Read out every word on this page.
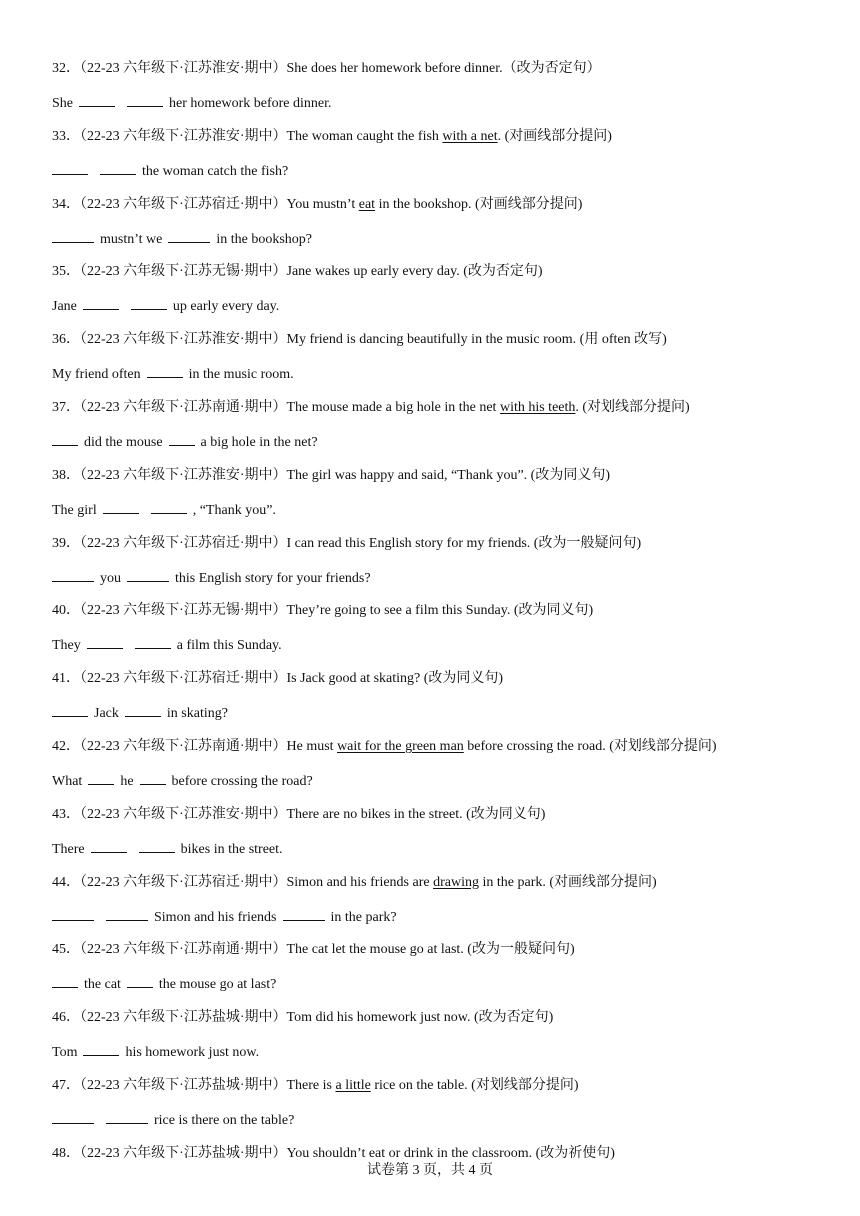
32．（22-23 六年级下·江苏淮安·期中）She does her homework before dinner.（改为否定句）
She	her homework before dinner.
33．（22-23 六年级下·江苏淮安·期中）The woman caught the fish with a net. (对画线部分提问)
the woman catch the fish?
34．（22-23 六年级下·江苏宿迁·期中）You mustn’t eat in the bookshop. (对画线部分提问)
mustn’t we	in the bookshop?
35．（22-23 六年级下·江苏无锡·期中）Jane wakes up early every day. (改为否定句)
Jane	up early every day.
36．（22-23 六年级下·江苏淮安·期中）My friend is dancing beautifully in the music room. (用 often 改写)
My friend often	in the music room.
37．（22-23 六年级下·江苏南通·期中）The mouse made a big hole in the net with his teeth. (对划线部分提问)
did the mouse	a big hole in the net?
38．（22-23 六年级下·江苏淮安·期中）The girl was happy and said, “Thank you”. (改为同义句)
The girl	, “Thank you”.
39．（22-23 六年级下·江苏宿迁·期中）I can read this English story for my friends. (改为一般疑问句)
you	this English story for your friends?
40．（22-23 六年级下·江苏无锡·期中）They’re going to see a film this Sunday. (改为同义句)
They	a film this Sunday.
41．（22-23 六年级下·江苏宿迁·期中）Is Jack good at skating? (改为同义句)
Jack	in skating?
42．（22-23 六年级下·江苏南通·期中）He must wait for the green man before crossing the road. (对划线部分提问)
What	he	before crossing the road?
43．（22-23 六年级下·江苏淮安·期中）There are no bikes in the street. (改为同义句)
There	bikes in the street.
44．（22-23 六年级下·江苏宿迁·期中）Simon and his friends are drawing in the park. (对画线部分提问)
Simon and his friends	in the park?
45．（22-23 六年级下·江苏南通·期中）The cat let the mouse go at last. (改为一般疑问句)
the cat	the mouse go at last?
46．（22-23 六年级下·江苏盐城·期中）Tom did his homework just now. (改为否定句)
Tom	his homework just now.
47．（22-23 六年级下·江苏盐城·期中）There is a little rice on the table. (对划线部分提问)
rice is there on the table?
48．（22-23 六年级下·江苏盐城·期中）You shouldn’t eat or drink in the classroom. (改为祈使句)
试卷第 3 页，共 4 页
